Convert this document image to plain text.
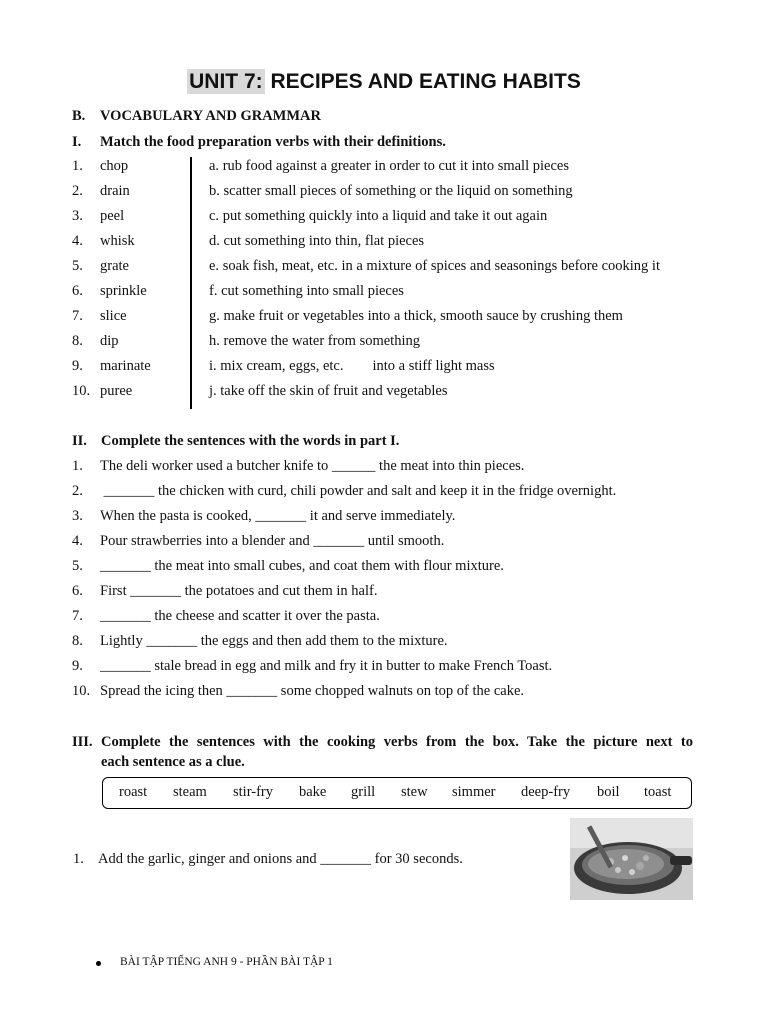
UNIT 7: RECIPES AND EATING HABITS
B. VOCABULARY AND GRAMMAR
I. Match the food preparation verbs with their definitions.
1. chop	a. rub food against a greater in order to cut it into small pieces
2. drain	b. scatter small pieces of something or the liquid on something
3. peel	c. put something quickly into a liquid and take it out again
4. whisk	d. cut something into thin, flat pieces
5. grate	e. soak fish, meat, etc. in a mixture of spices and seasonings before cooking it
6. sprinkle	f. cut something into small pieces
7. slice	g. make fruit or vegetables into a thick, smooth sauce by crushing them
8. dip	h. remove the water from something
9. marinate	i. mix cream, eggs, etc.        into a stiff light mass
10. puree	j. take off the skin of fruit and vegetables
II. Complete the sentences with the words in part I.
1. The deli worker used a butcher knife to ______ the meat into thin pieces.
2. _______ the chicken with curd, chili powder and salt and keep it in the fridge overnight.
3. When the pasta is cooked, _______ it and serve immediately.
4. Pour strawberries into a blender and _______ until smooth.
5. _______ the meat into small cubes, and coat them with flour mixture.
6. First _______ the potatoes and cut them in half.
7. _______ the cheese and scatter it over the pasta.
8. Lightly _______ the eggs and then add them to the mixture.
9. _______ stale bread in egg and milk and fry it in butter to make French Toast.
10. Spread the icing then _______ some chopped walnuts on top of the cake.
III. Complete the sentences with the cooking verbs from the box. Take the picture next to
each sentence as a clue.
roast steam stir-fry bake grill stew simmer deep-fry boil toast
1. Add the garlic, ginger and onions and _______ for 30 seconds.
BÀI TẬP TIẾNG ANH 9 - PHẦN BÀI TẬP 1
